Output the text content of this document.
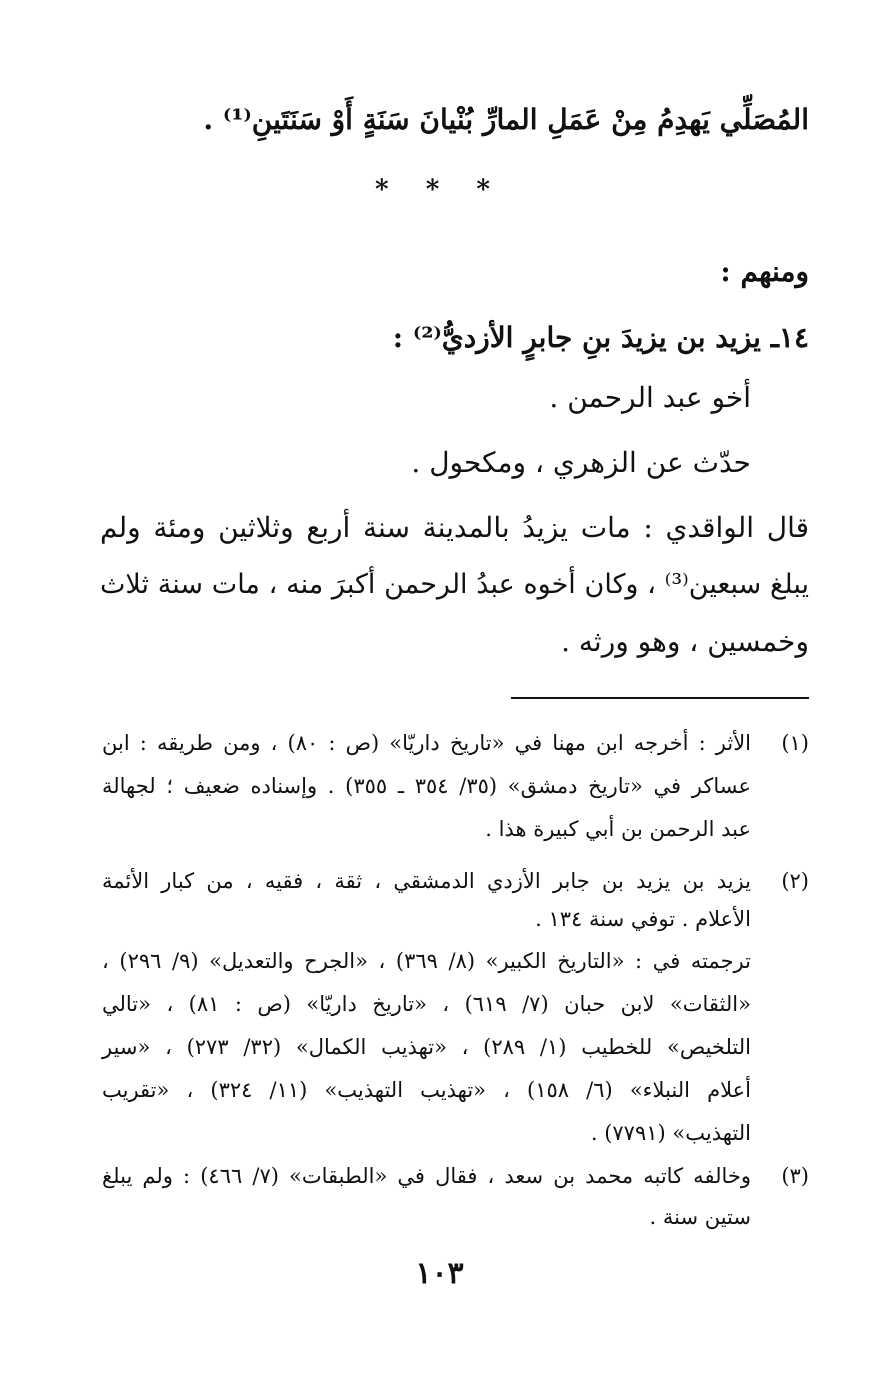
المُصَلِّي يَهدِمُ مِنْ عَمَلِ المارِّ بُنْيانَ سَنَةٍ أَوْ سَنَتَينِ⁽¹⁾ .
* * *
ومنهم :
١٤ـ يزيد بن يزيدَ بنِ جابرٍ الأزديُّ⁽²⁾ :
أخو عبد الرحمن .
حدّث عن الزهري ، ومكحول .
قال الواقدي : مات يزيدُ بالمدينة سنة أربع وثلاثين ومئة ولم
يبلغ سبعين⁽³⁾ ، وكان أخوه عبدُ الرحمن أكبرَ منه ، مات سنة ثلاث
وخمسين ، وهو ورثه .
(١)
الأثر : أخرجه ابن مهنا في «تاريخ داريّا» (ص : ٨٠) ، ومن طريقه : ابن
عساكر في «تاريخ دمشق» (٣٥/ ٣٥٤ ـ ٣٥٥) . وإسناده ضعيف ؛ لجهالة
عبد الرحمن بن أبي كبيرة هذا .
(٢)
يزيد بن يزيد بن جابر الأزدي الدمشقي ، ثقة ، فقيه ، من كبار الأئمة
الأعلام . توفي سنة ١٣٤ .
ترجمته في : «التاريخ الكبير» (٨/ ٣٦٩) ، «الجرح والتعديل» (٩/ ٢٩٦) ،
«الثقات» لابن حبان (٧/ ٦١٩) ، «تاريخ داريّا» (ص : ٨١) ، «تالي
التلخيص» للخطيب (١/ ٢٨٩) ، «تهذيب الكمال» (٣٢/ ٢٧٣) ، «سير
أعلام النبلاء» (٦/ ١٥٨) ، «تهذيب التهذيب» (١١/ ٣٢٤) ، «تقريب
التهذيب» (٧٧٩١) .
(٣)
وخالفه كاتبه محمد بن سعد ، فقال في «الطبقات» (٧/ ٤٦٦) : ولم يبلغ
ستين سنة .
١٠٣
